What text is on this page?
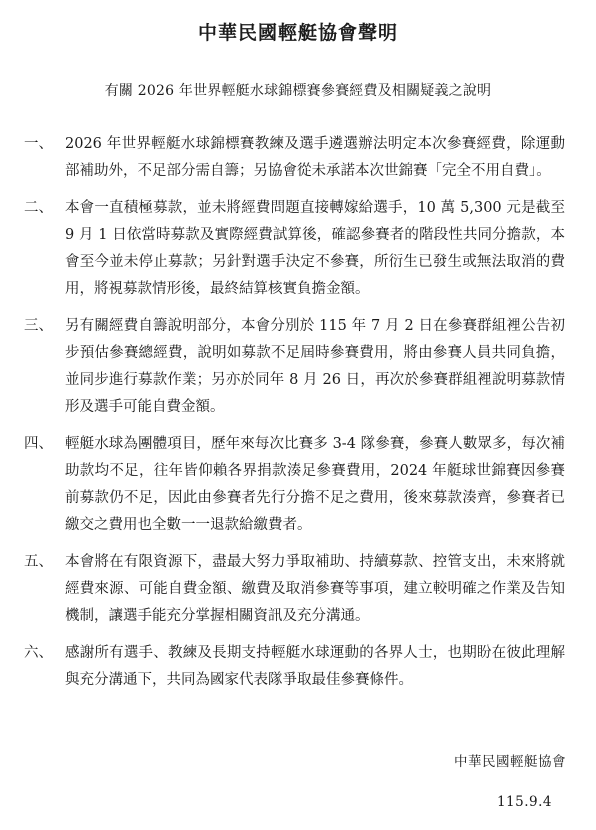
中華民國輕艇協會聲明
有關 2026 年世界輕艇水球錦標賽參賽經費及相關疑義之說明
一、 2026 年世界輕艇水球錦標賽教練及選手遴選辦法明定本次參賽經費，除運動部補助外，不足部分需自籌；另協會從未承諾本次世錦賽「完全不用自費」。
二、 本會一直積極募款，並未將經費問題直接轉嫁給選手，10 萬 5,300 元是截至 9 月 1 日依當時募款及實際經費試算後，確認參賽者的階段性共同分擔款，本會至今並未停止募款；另針對選手決定不參賽，所衍生已發生或無法取消的費用，將視募款情形後，最終結算核實負擔金額。
三、 另有關經費自籌說明部分，本會分別於 115 年 7 月 2 日在參賽群組裡公告初步預估參賽總經費，說明如募款不足屆時參賽費用，將由參賽人員共同負擔，並同步進行募款作業；另亦於同年 8 月 26 日，再次於參賽群組裡說明募款情形及選手可能自費金額。
四、 輕艇水球為團體項目，歷年來每次比賽多 3-4 隊參賽，參賽人數眾多，每次補助款均不足，往年皆仰賴各界捐款湊足參賽費用，2024 年艇球世錦賽因參賽前募款仍不足，因此由參賽者先行分擔不足之費用，後來募款湊齊，參賽者已繳交之費用也全數一一退款給繳費者。
五、 本會將在有限資源下，盡最大努力爭取補助、持續募款、控管支出，未來將就經費來源、可能自費金額、繳費及取消參賽等事項，建立較明確之作業及告知機制，讓選手能充分掌握相關資訊及充分溝通。
六、 感謝所有選手、教練及長期支持輕艇水球運動的各界人士，也期盼在彼此理解與充分溝通下，共同為國家代表隊爭取最佳參賽條件。
中華民國輕艇協會
115.9.4
